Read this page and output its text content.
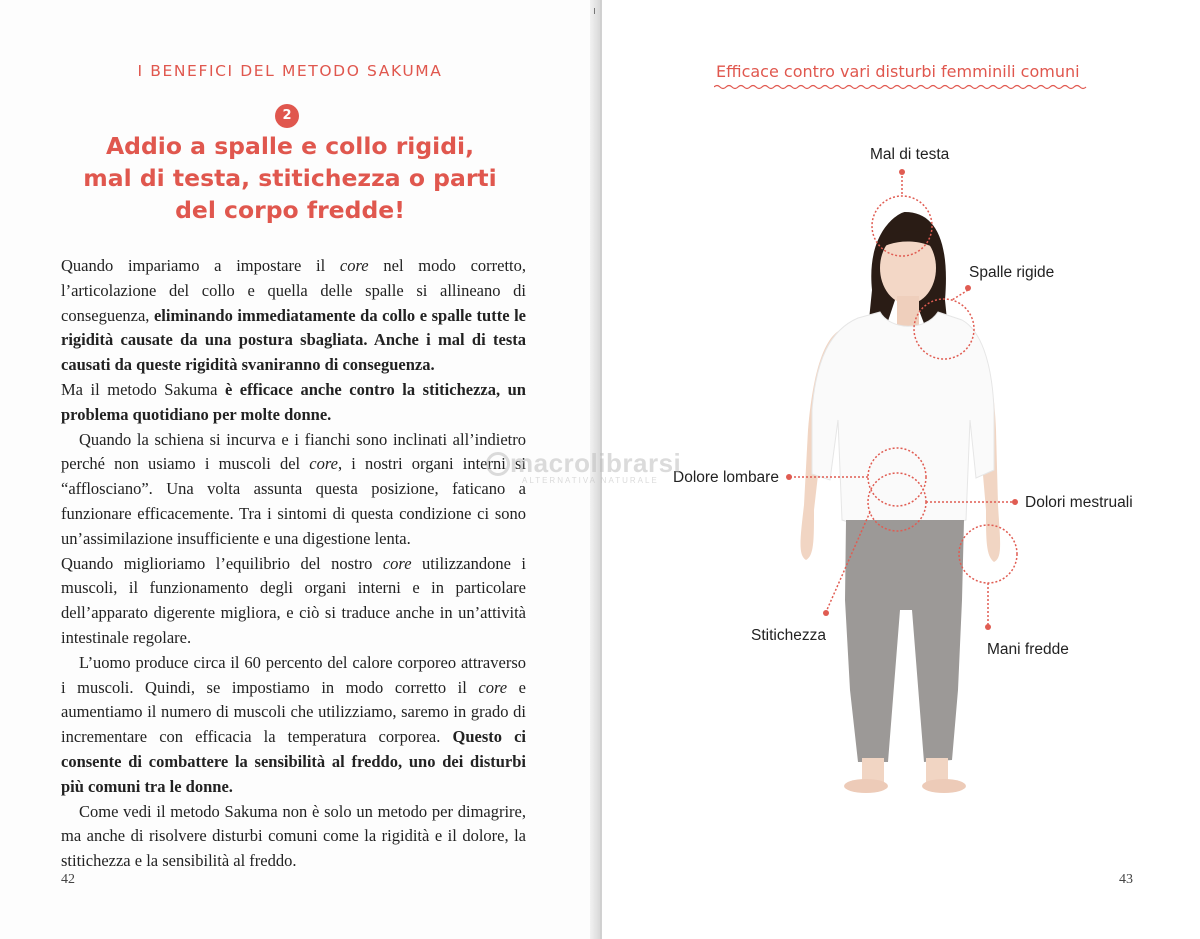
I BENEFICI DEL METODO SAKUMA
2
Addio a spalle e collo rigidi,
mal di testa, stitichezza o parti
del corpo fredde!

Quando impariamo a impostare il core nel modo corretto, l’articolazione del collo e quella delle spalle si allineano di conseguenza, eliminando immediatamente da collo e spalle tutte le rigidità causate da una postura sbagliata. Anche i mal di testa causati da queste rigidità svaniranno di conseguenza.

Ma il metodo Sakuma è efficace anche contro la stitichezza, un problema quotidiano per molte donne.

Quando la schiena si incurva e i fianchi sono inclinati all’indietro perché non usiamo i muscoli del core, i nostri organi interni si “afflosciano”. Una volta assunta questa posizione, faticano a funzionare efficacemente. Tra i sintomi di questa condizione ci sono un’assimilazione insufficiente e una digestione lenta.

Quando miglioriamo l’equilibrio del nostro core utilizzandone i muscoli, il funzionamento degli organi interni e in particolare dell’apparato digerente migliora, e ciò si traduce anche in un’attività intestinale regolare.

L’uomo produce circa il 60 percento del calore corporeo attraverso i muscoli. Quindi, se impostiamo in modo corretto il core e aumentiamo il numero di muscoli che utilizziamo, saremo in grado di incrementare con efficacia la temperatura corporea. Questo ci consente di combattere la sensibilità al freddo, uno dei disturbi più comuni tra le donne.

Come vedi il metodo Sakuma non è solo un metodo per dimagrire, ma anche di risolvere disturbi comuni come la rigidità e il dolore, la stitichezza e la sensibilità al freddo.

42
Efficace contro vari disturbi femminili comuni
Mal di testa
Spalle rigide
Dolore lombare
Dolori mestruali
Stitichezza
Mani fredde
43
macrolibrarsi
ALTERNATIVA NATURALE
